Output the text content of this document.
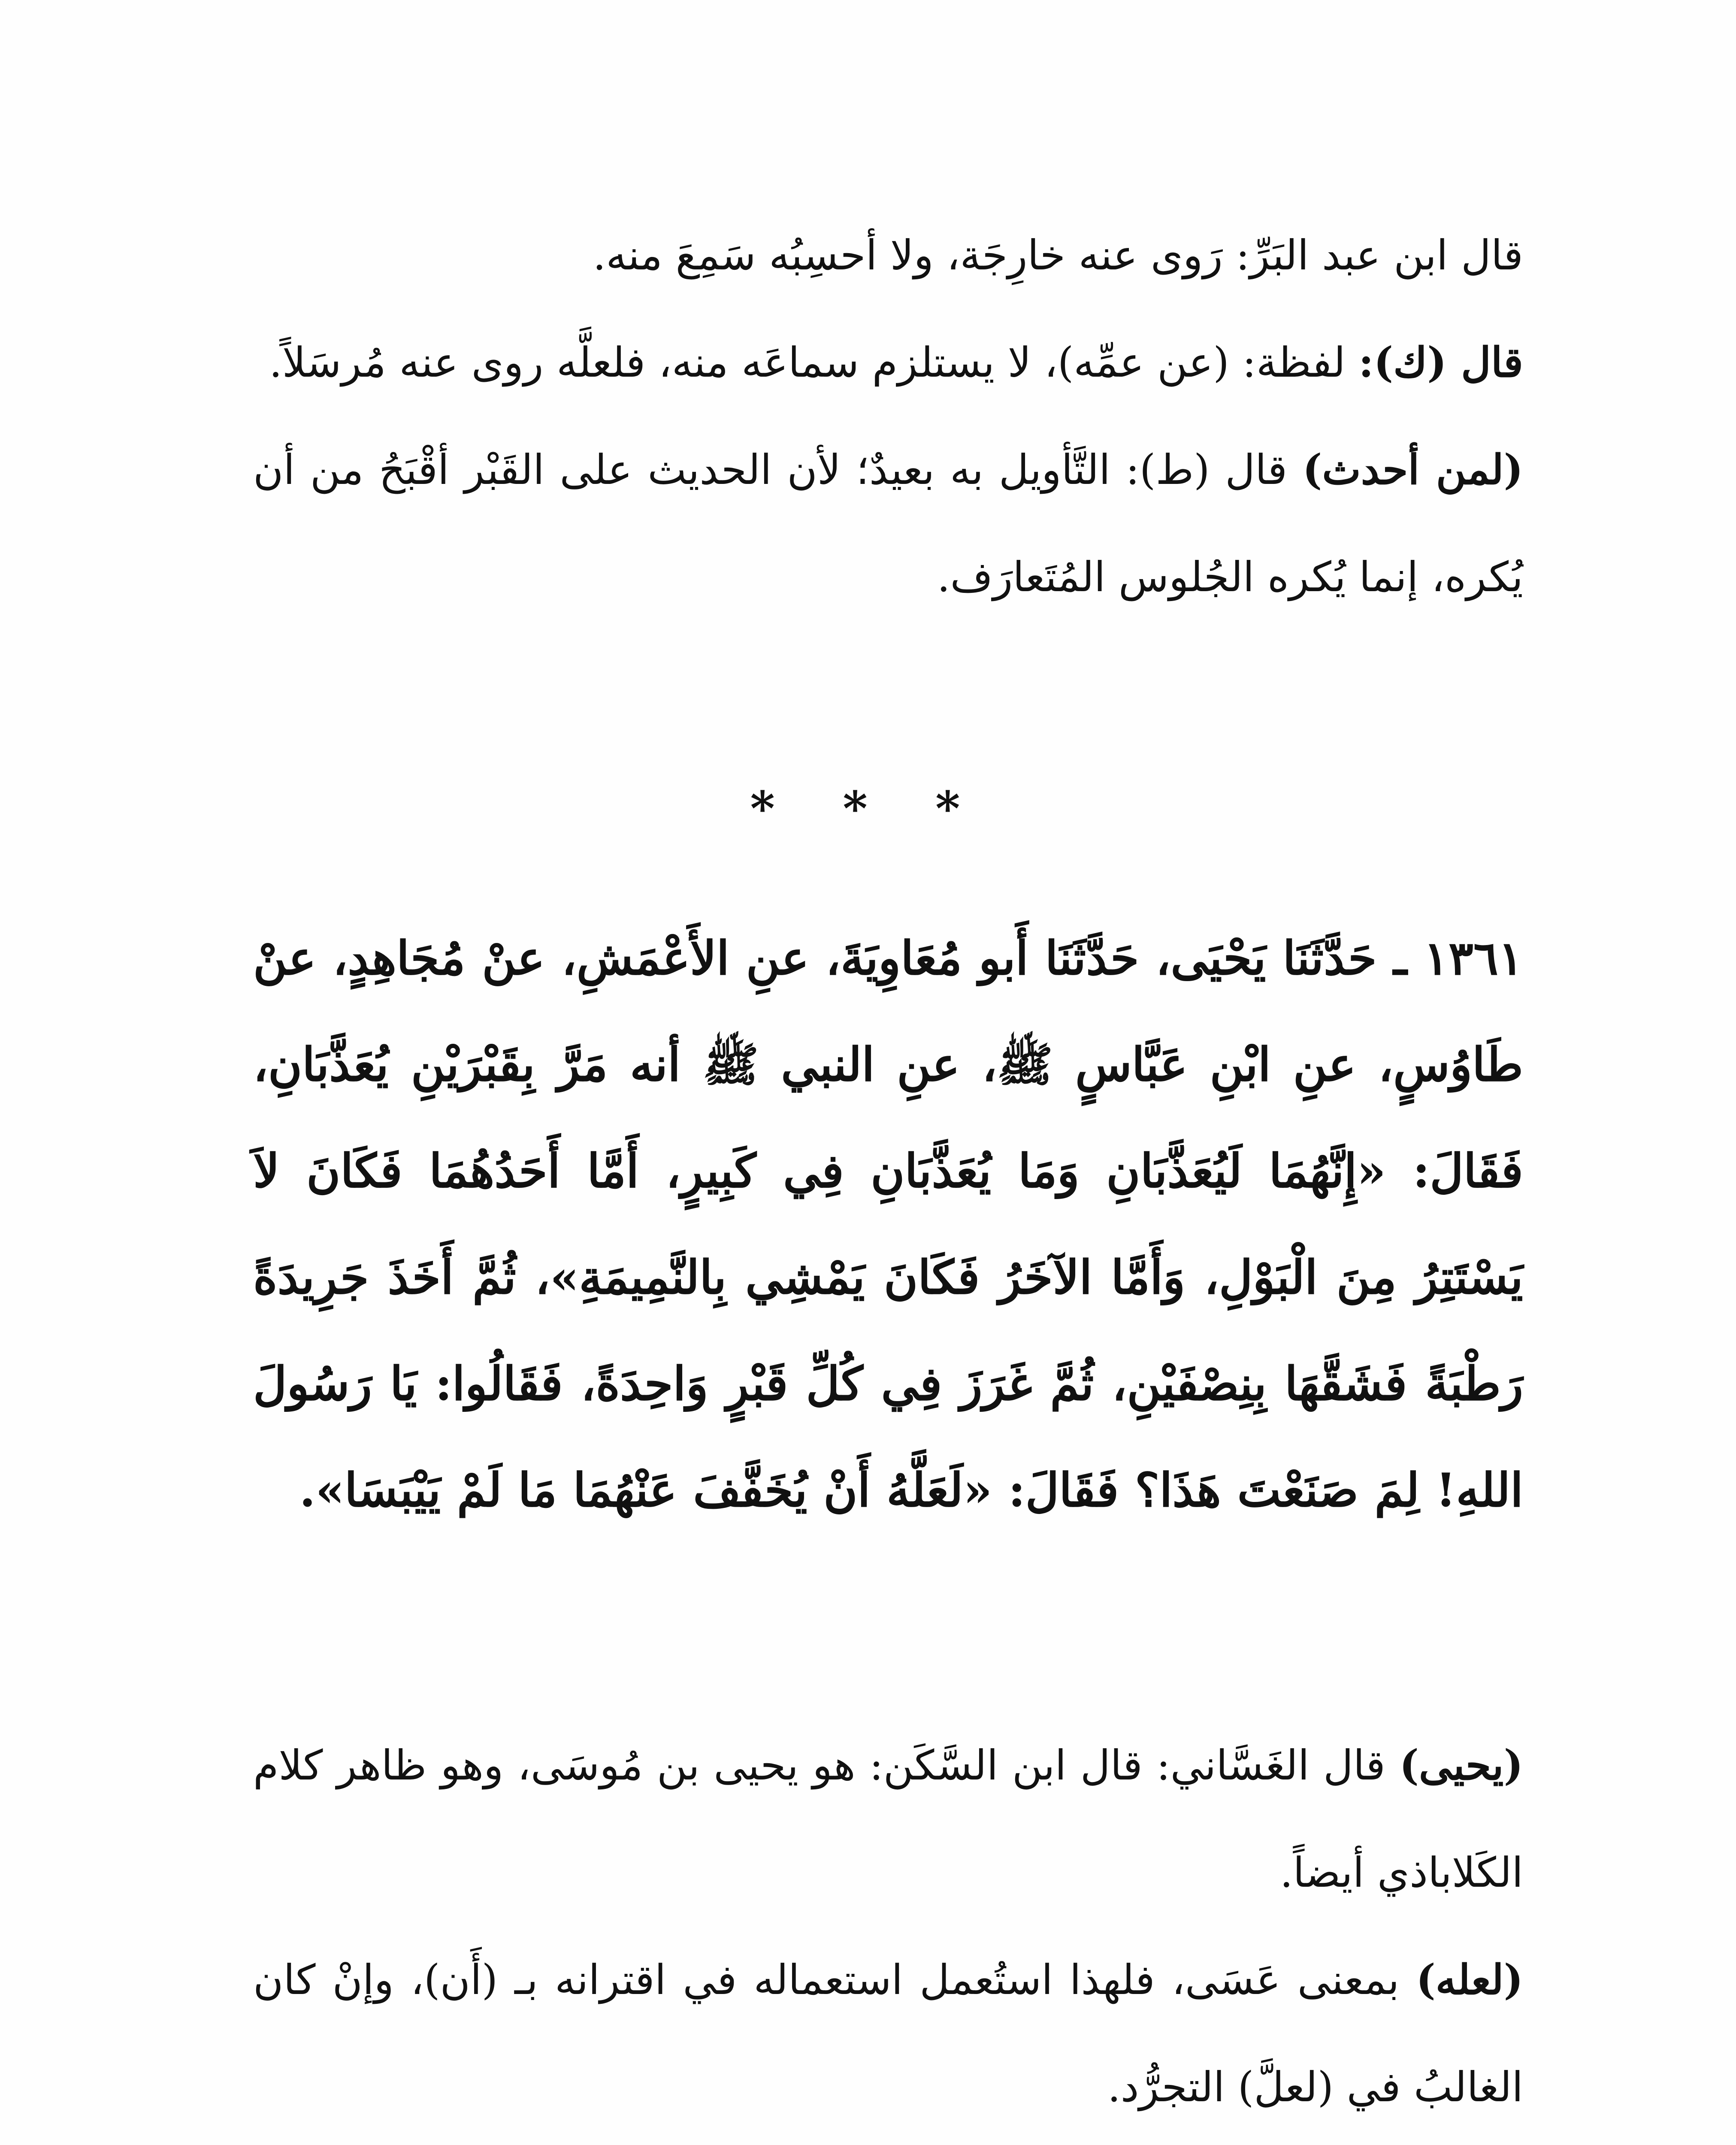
قال ابن عبد البَرِّ: رَوى عنه خارِجَة، ولا أحسِبُه سَمِعَ منه.

قال (ك): لفظة: (عن عمِّه)، لا يستلزم سماعَه منه، فلعلَّه روى عنه مُرسَلاً.

(لمن أحدث) قال (ط): التَّأويل به بعيدٌ؛ لأن الحديث على القَبْر أقْبَحُ من أن يُكره، إنما يُكره الجُلوس المُتَعارَف.

* * *
١٣٦١ ـ حَدَّثَنَا يَحْيَى، حَدَّثَنَا أَبو مُعَاوِيَةَ، عنِ الأَعْمَشِ، عنْ مُجَاهِدٍ، عنْ طَاوُسٍ، عنِ ابْنِ عَبَّاسٍ ﷺ، عنِ النبي ﷺ أنه مَرَّ بِقَبْرَيْنِ يُعَذَّبَانِ، فَقَالَ: «إِنَّهُمَا لَيُعَذَّبَانِ وَمَا يُعَذَّبَانِ فِي كَبِيرٍ، أَمَّا أَحَدُهُمَا فَكَانَ لاَ يَسْتَتِرُ مِنَ الْبَوْلِ، وَأَمَّا الآخَرُ فَكَانَ يَمْشِي بِالنَّمِيمَةِ»، ثُمَّ أَخَذَ جَرِيدَةً رَطْبَةً فَشَقَّهَا بِنِصْفَيْنِ، ثُمَّ غَرَزَ فِي كُلِّ قَبْرٍ وَاحِدَةً، فَقَالُوا: يَا رَسُولَ اللهِ! لِمَ صَنَعْتَ هَذَا؟ فَقَالَ: «لَعَلَّهُ أَنْ يُخَفَّفَ عَنْهُمَا مَا لَمْ يَيْبَسَا».

(يحيى) قال الغَسَّاني: قال ابن السَّكَن: هو يحيى بن مُوسَى، وهو ظاهر كلام الكَلاباذي أيضاً.

(لعله) بمعنى عَسَى، فلهذا استُعمل استعماله في اقترانه بـ (أَن)، وإنْ كان الغالبُ في (لعلَّ) التجرُّد.
